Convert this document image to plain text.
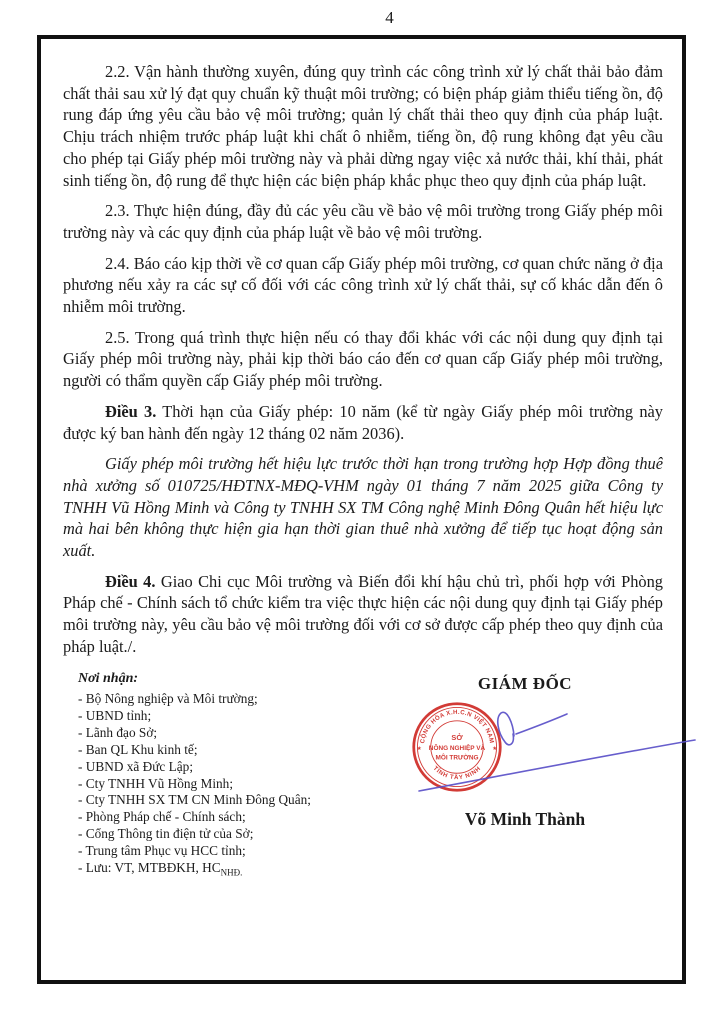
4

2.2. Vận hành thường xuyên, đúng quy trình các công trình xử lý chất thải bảo đảm chất thải sau xử lý đạt quy chuẩn kỹ thuật môi trường; có biện pháp giảm thiểu tiếng ồn, độ rung đáp ứng yêu cầu bảo vệ môi trường; quản lý chất thải theo quy định của pháp luật. Chịu trách nhiệm trước pháp luật khi chất ô nhiễm, tiếng ồn, độ rung không đạt yêu cầu cho phép tại Giấy phép môi trường này và phải dừng ngay việc xả nước thải, khí thải, phát sinh tiếng ồn, độ rung để thực hiện các biện pháp khắc phục theo quy định của pháp luật.

2.3. Thực hiện đúng, đầy đủ các yêu cầu về bảo vệ môi trường trong Giấy phép môi trường này và các quy định của pháp luật về bảo vệ môi trường.

2.4. Báo cáo kịp thời về cơ quan cấp Giấy phép môi trường, cơ quan chức năng ở địa phương nếu xảy ra các sự cố đối với các công trình xử lý chất thải, sự cố khác dẫn đến ô nhiễm môi trường.

2.5. Trong quá trình thực hiện nếu có thay đổi khác với các nội dung quy định tại Giấy phép môi trường này, phải kịp thời báo cáo đến cơ quan cấp Giấy phép môi trường, người có thẩm quyền cấp Giấy phép môi trường.

Điều 3. Thời hạn của Giấy phép: 10 năm (kể từ ngày Giấy phép môi trường này được ký ban hành đến ngày 12 tháng 02 năm 2036).

Giấy phép môi trường hết hiệu lực trước thời hạn trong trường hợp Hợp đồng thuê nhà xưởng số 010725/HĐTNX-MĐQ-VHM ngày 01 tháng 7 năm 2025 giữa Công ty TNHH Vũ Hồng Minh và Công ty TNHH SX TM Công nghệ Minh Đông Quân hết hiệu lực mà hai bên không thực hiện gia hạn thời gian thuê nhà xưởng để tiếp tục hoạt động sản xuất.

Điều 4. Giao Chi cục Môi trường và Biến đổi khí hậu chủ trì, phối hợp với Phòng Pháp chế - Chính sách tổ chức kiểm tra việc thực hiện các nội dung quy định tại Giấy phép môi trường này, yêu cầu bảo vệ môi trường đối với cơ sở được cấp phép theo quy định của pháp luật./.

Nơi nhận:
- Bộ Nông nghiệp và Môi trường;
- UBND tỉnh;
- Lãnh đạo Sở;
- Ban QL Khu kinh tế;
- UBND xã Đức Lập;
- Cty TNHH Vũ Hồng Minh;
- Cty TNHH SX TM CN Minh Đông Quân;
- Phòng Pháp chế - Chính sách;
- Cổng Thông tin điện tử của Sở;
- Trung tâm Phục vụ HCC tỉnh;
- Lưu: VT, MTBĐKH, $HC_{NHĐ.}$
GIÁM ĐỐC
CỘNG HÒA X.H.C.N VIỆT NAM
TỈNH TÂY NINH
SỞ
NÔNG NGHIỆP VÀ
MÔI TRƯỜNG
★	★
Võ Minh Thành
